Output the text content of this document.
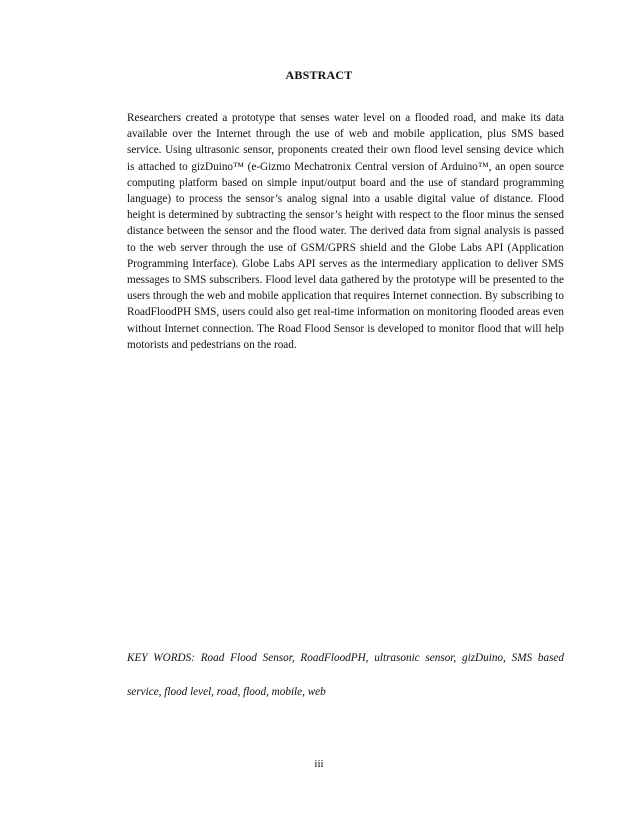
ABSTRACT

Researchers created a prototype that senses water level on a flooded road, and make its data available over the Internet through the use of web and mobile application, plus SMS based service. Using ultrasonic sensor, proponents created their own flood level sensing device which is attached to gizDuino™ (e-Gizmo Mechatronix Central version of Arduino™, an open source computing platform based on simple input/output board and the use of standard programming language) to process the sensor’s analog signal into a usable digital value of distance. Flood height is determined by subtracting the sensor’s height with respect to the floor minus the sensed distance between the sensor and the flood water. The derived data from signal analysis is passed to the web server through the use of GSM/GPRS shield and the Globe Labs API (Application Programming Interface). Globe Labs API serves as the intermediary application to deliver SMS messages to SMS subscribers. Flood level data gathered by the prototype will be presented to the users through the web and mobile application that requires Internet connection. By subscribing to RoadFloodPH SMS, users could also get real-time information on monitoring flooded areas even without Internet connection. The Road Flood Sensor is developed to monitor flood that will help motorists and pedestrians on the road.

KEY WORDS: Road Flood Sensor, RoadFloodPH, ultrasonic sensor, gizDuino, SMS based service, flood level, road, flood, mobile, web

iii
